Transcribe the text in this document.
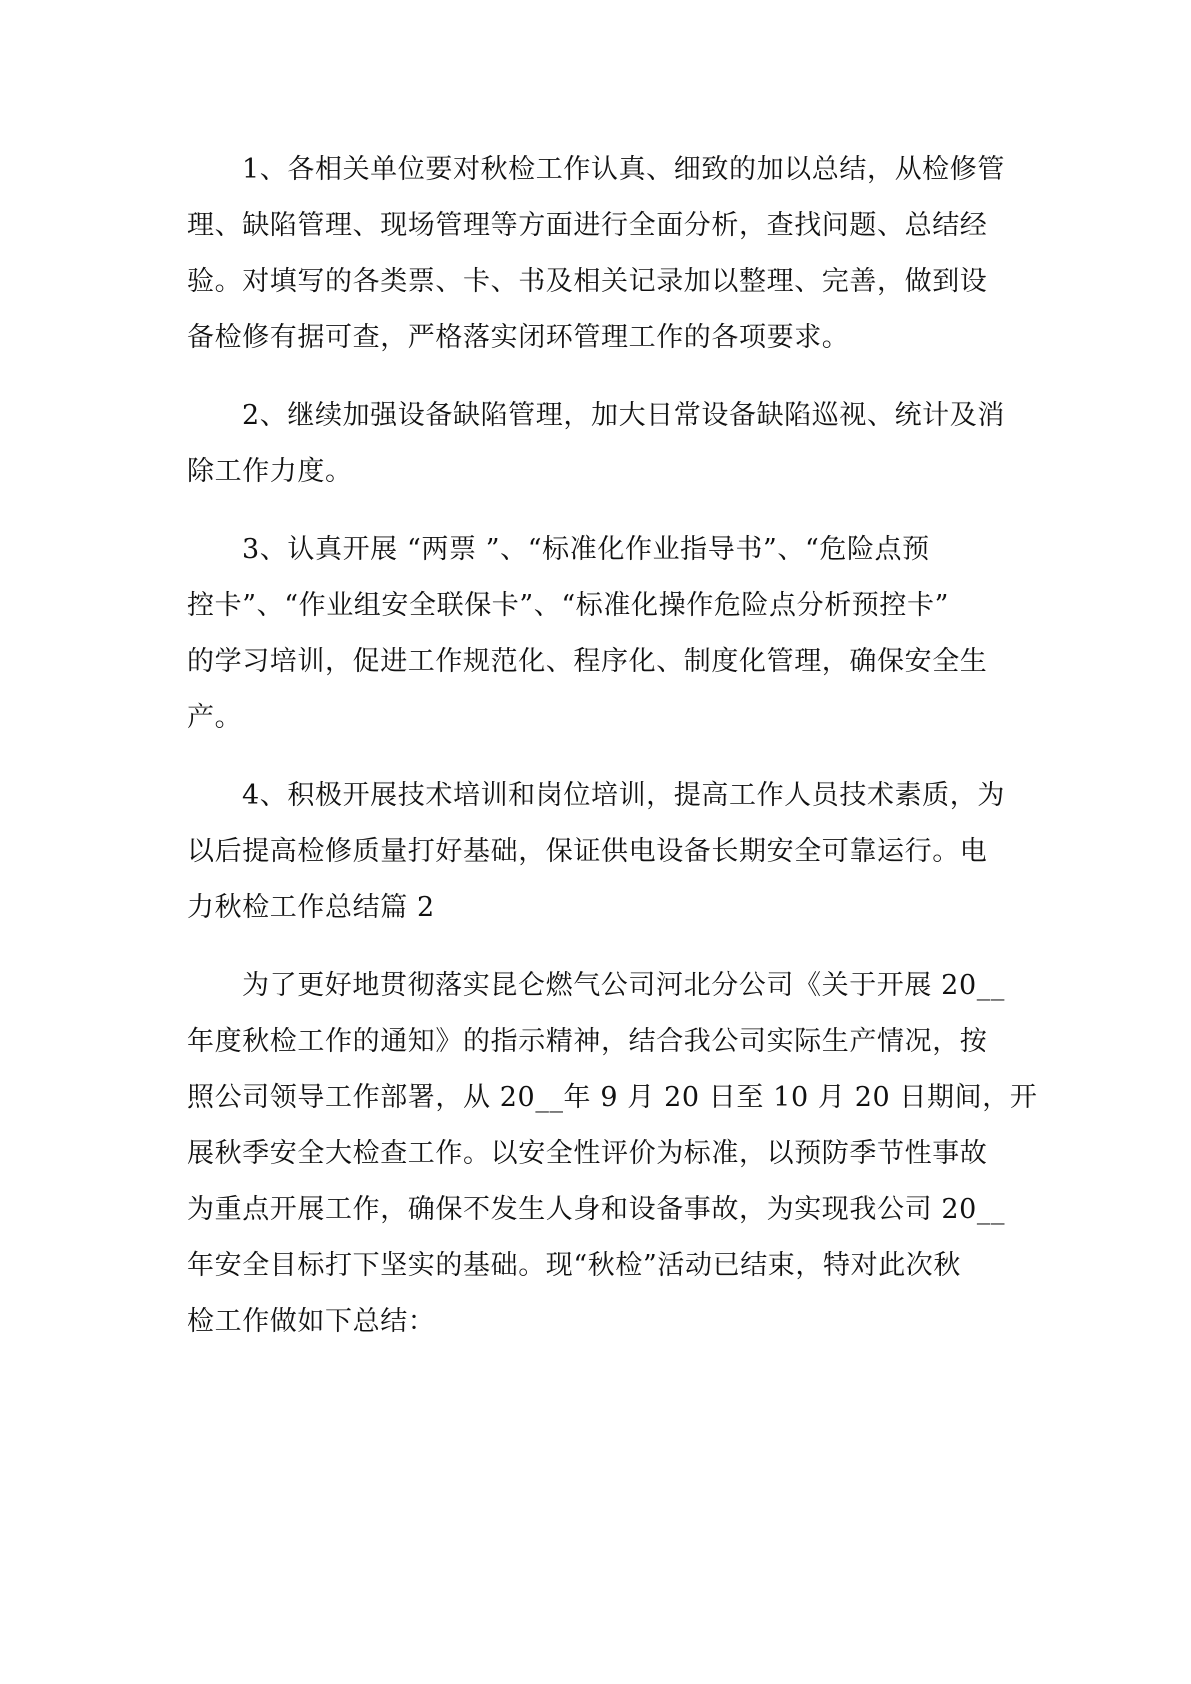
1、各相关单位要对秋检工作认真、细致的加以总结，从检修管
理、缺陷管理、现场管理等方面进行全面分析，查找问题、总结经
验。对填写的各类票、卡、书及相关记录加以整理、完善，做到设
备检修有据可查，严格落实闭环管理工作的各项要求。
2、继续加强设备缺陷管理，加大日常设备缺陷巡视、统计及消
除工作力度。
3、认真开展 “两票 ”、“标准化作业指导书”、“危险点预
控卡”、“作业组安全联保卡”、“标准化操作危险点分析预控卡”
的学习培训，促进工作规范化、程序化、制度化管理，确保安全生
产。
4、积极开展技术培训和岗位培训，提高工作人员技术素质，为
以后提高检修质量打好基础，保证供电设备长期安全可靠运行。电
力秋检工作总结篇 2
为了更好地贯彻落实昆仑燃气公司河北分公司《关于开展 20__
年度秋检工作的通知》的指示精神，结合我公司实际生产情况，按
照公司领导工作部署，从 20__年 9 月 20 日至 10 月 20 日期间，开
展秋季安全大检查工作。以安全性评价为标准，以预防季节性事故
为重点开展工作，确保不发生人身和设备事故，为实现我公司 20__
年安全目标打下坚实的基础。现“秋检”活动已结束，特对此次秋
检工作做如下总结：
